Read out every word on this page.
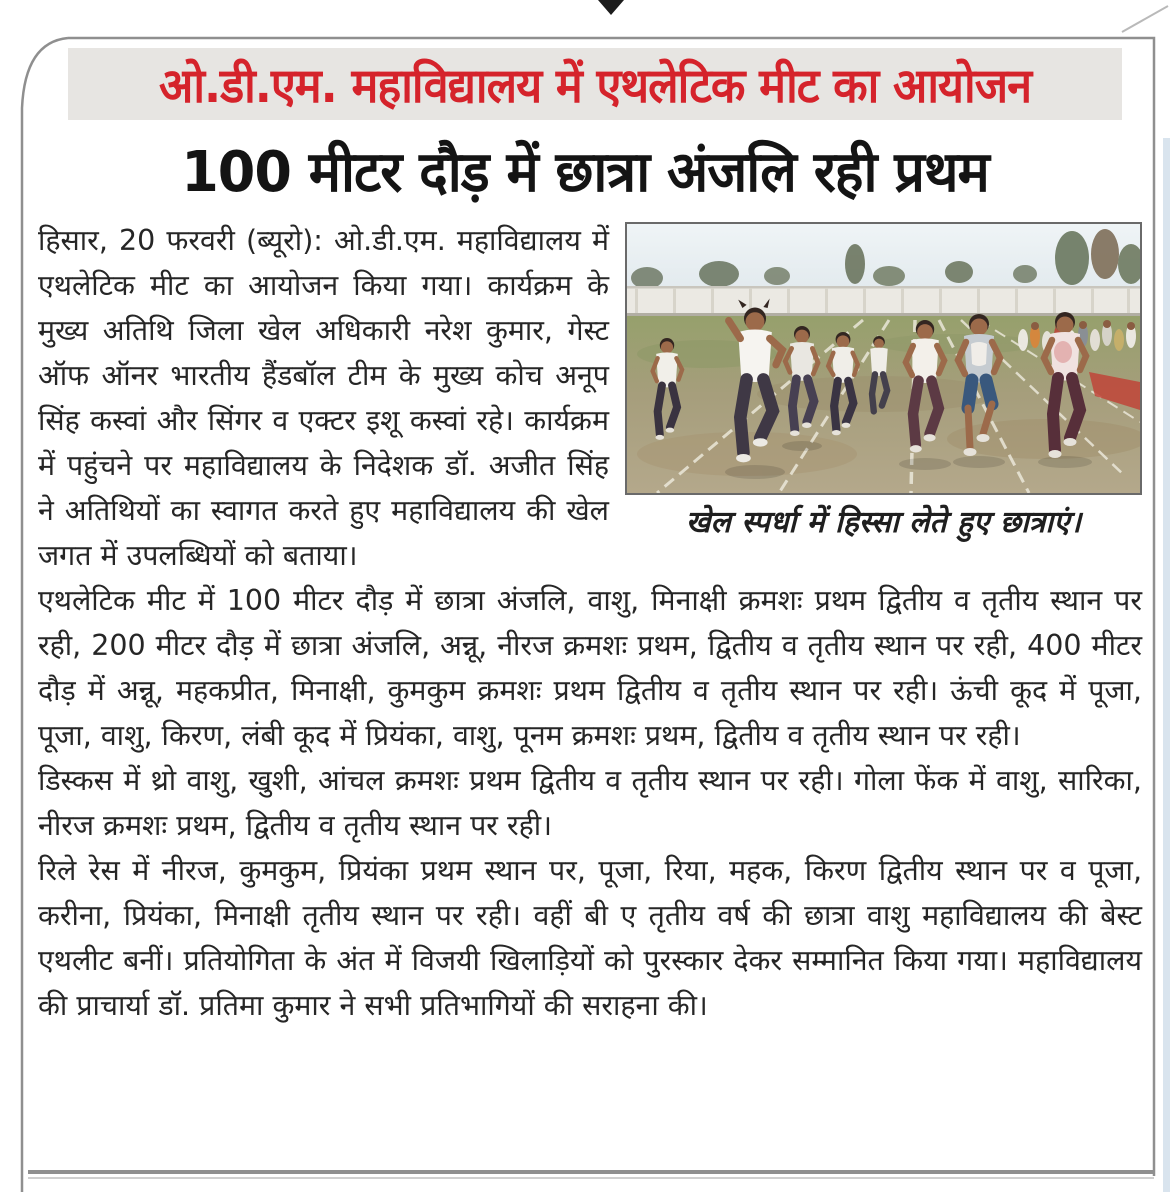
ओ.डी.एम. महाविद्यालय में एथलेटिक मीट का आयोजन
100 मीटर दौड़ में छात्रा अंजलि रही प्रथम
खेल स्पर्धा में हिस्सा लेते हुए छात्राएं।

हिसार, 20 फरवरी (ब्यूरो): ओ.डी.एम. महाविद्यालय में एथलेटिक मीट का आयोजन किया गया। कार्यक्रम के मुख्य अतिथि जिला खेल अधिकारी नरेश कुमार, गेस्ट ऑफ ऑनर भारतीय हैंडबॉल टीम के मुख्य कोच अनूप सिंह कस्वां और सिंगर व एक्टर इशू कस्वां रहे। कार्यक्रम में पहुंचने पर महाविद्यालय के निदेशक डॉ. अजीत सिंह ने अतिथियों का स्वागत करते हुए महाविद्यालय की खेल जगत में उपलब्धियों को बताया।

एथलेटिक मीट में 100 मीटर दौड़ में छात्रा अंजलि, वाशु, मिनाक्षी क्रमशः प्रथम द्वितीय व तृतीय स्थान पर रही, 200 मीटर दौड़ में छात्रा अंजलि, अन्नू, नीरज क्रमशः प्रथम, द्वितीय व तृतीय स्थान पर रही, 400 मीटर दौड़ में अन्नू, महकप्रीत, मिनाक्षी, कुमकुम क्रमशः प्रथम द्वितीय व तृतीय स्थान पर रही। ऊंची कूद में पूजा, पूजा, वाशु, किरण, लंबी कूद में प्रियंका, वाशु, पूनम क्रमशः प्रथम, द्वितीय व तृतीय स्थान पर रही।

डिस्कस में थ्रो वाशु, खुशी, आंचल क्रमशः प्रथम द्वितीय व तृतीय स्थान पर रही। गोला फेंक में वाशु, सारिका, नीरज क्रमशः प्रथम, द्वितीय व तृतीय स्थान पर रही।

रिले रेस में नीरज, कुमकुम, प्रियंका प्रथम स्थान पर, पूजा, रिया, महक, किरण द्वितीय स्थान पर व पूजा, करीना, प्रियंका, मिनाक्षी तृतीय स्थान पर रही। वहीं बी ए तृतीय वर्ष की छात्रा वाशु महाविद्यालय की बेस्ट एथलीट बनीं। प्रतियोगिता के अंत में विजयी खिलाड़ियों को पुरस्कार देकर सम्मानित किया गया। महाविद्यालय की प्राचार्या डॉ. प्रतिमा कुमार ने सभी प्रतिभागियों की सराहना की।
